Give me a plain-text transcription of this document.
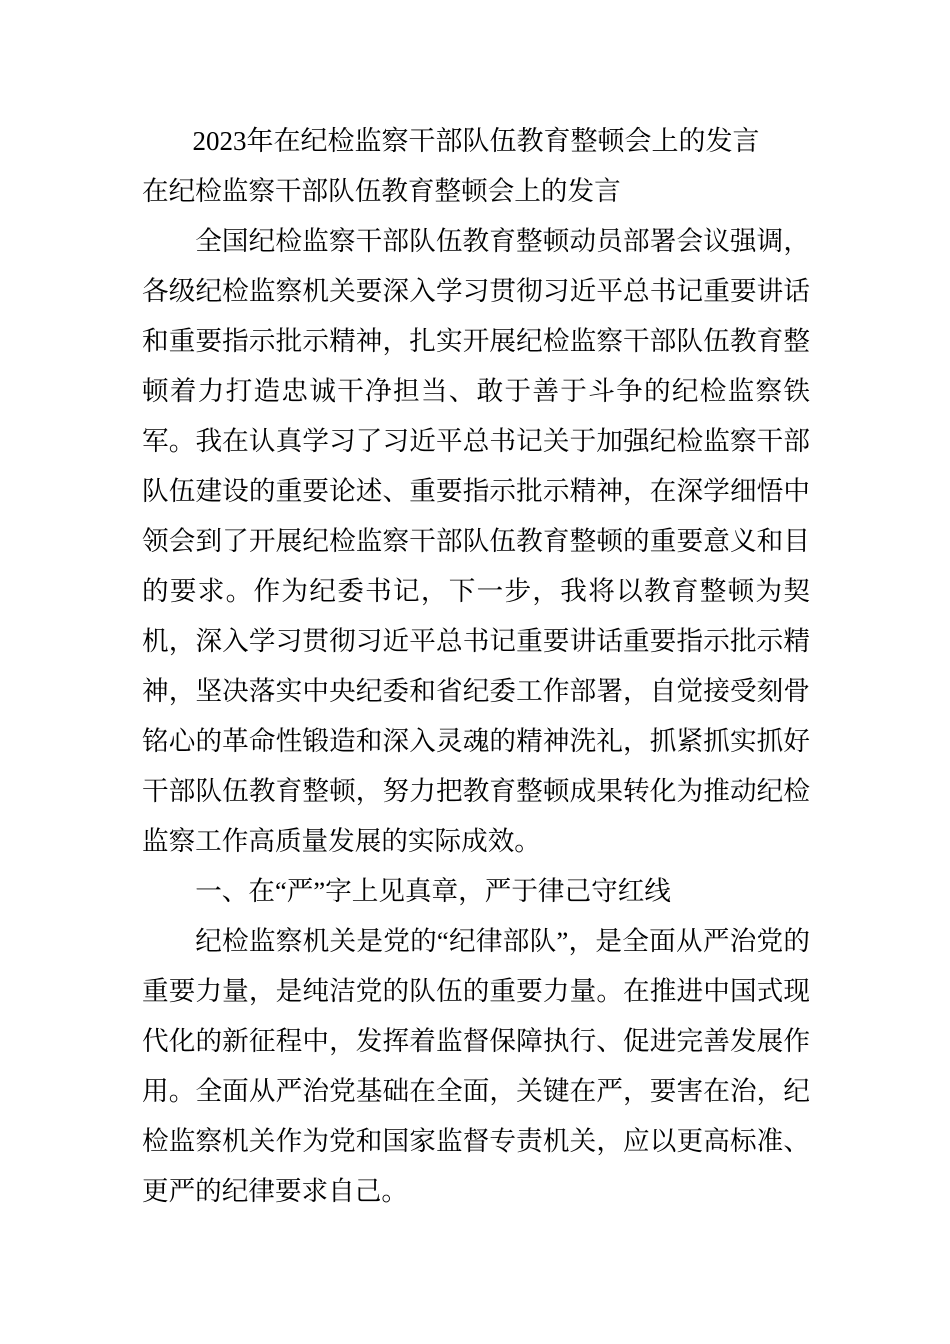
2023年在纪检监察干部队伍教育整顿会上的发言
在纪检监察干部队伍教育整顿会上的发言

全国纪检监察干部队伍教育整顿动员部署会议强调，各级纪检监察机关要深入学习贯彻习近平总书记重要讲话和重要指示批示精神，扎实开展纪检监察干部队伍教育整顿着力打造忠诚干净担当、敢于善于斗争的纪检监察铁军。我在认真学习了习近平总书记关于加强纪检监察干部队伍建设的重要论述、重要指示批示精神，在深学细悟中领会到了开展纪检监察干部队伍教育整顿的重要意义和目的要求。作为纪委书记，下一步，我将以教育整顿为契机，深入学习贯彻习近平总书记重要讲话重要指示批示精神，坚决落实中央纪委和省纪委工作部署，自觉接受刻骨铭心的革命性锻造和深入灵魂的精神洗礼，抓紧抓实抓好干部队伍教育整顿，努力把教育整顿成果转化为推动纪检监察工作高质量发展的实际成效。

一、在“严”字上见真章，严于律己守红线

纪检监察机关是党的“纪律部队”，是全面从严治党的重要力量，是纯洁党的队伍的重要力量。在推进中国式现代化的新征程中，发挥着监督保障执行、促进完善发展作用。全面从严治党基础在全面，关键在严，要害在治，纪检监察机关作为党和国家监督专责机关，应以更高标准、更严的纪律要求自己。
